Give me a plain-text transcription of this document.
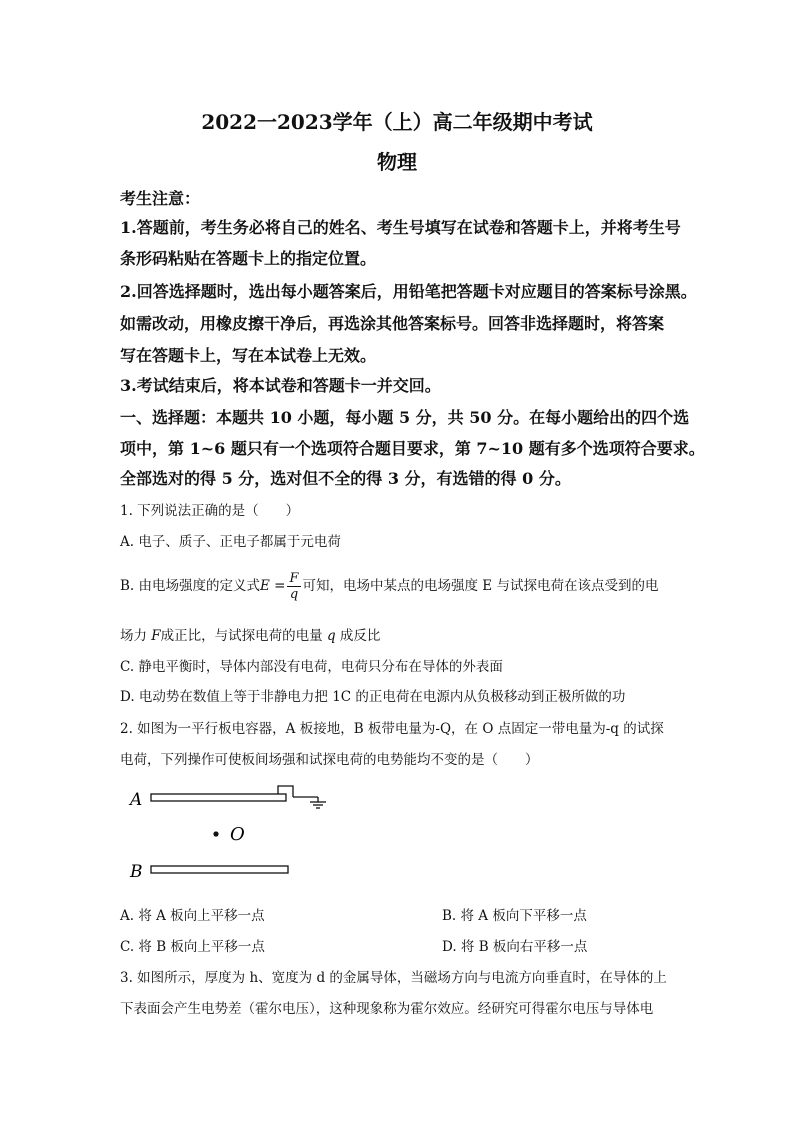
2022一2023学年（上）高二年级期中考试
物理
考生注意：
1.答题前，考生务必将自己的姓名、考生号填写在试卷和答题卡上，并将考生号
条形码粘贴在答题卡上的指定位置。
2.回答选择题时，选出每小题答案后，用铅笔把答题卡对应题目的答案标号涂黑。
如需改动，用橡皮擦干净后，再选涂其他答案标号。回答非选择题时，将答案
写在答题卡上，写在本试卷上无效。
3.考试结束后，将本试卷和答题卡一并交回。
一、选择题：本题共 10 小题，每小题 5 分，共 50 分。在每小题给出的四个选
项中，第 1~6 题只有一个选项符合题目要求，第 7~10 题有多个选项符合要求。
全部选对的得 5 分，选对但不全的得 3 分，有选错的得 0 分。
1. 下列说法正确的是（　　）
A. 电子、质子、正电子都属于元电荷
B. 由电场强度的定义式$E = \frac{F}{q}$ 可知，电场中某点的电场强度 E 与试探电荷在该点受到的电
场力 F成正比，与试探电荷的电量 q 成反比
C. 静电平衡时，导体内部没有电荷，电荷只分布在导体的外表面
D. 电动势在数值上等于非静电力把 1C 的正电荷在电源内从负极移动到正极所做的功
2. 如图为一平行板电容器，A 板接地，B 板带电量为-Q，在 O 点固定一带电量为-q 的试探
电荷，下列操作可使板间场强和试探电荷的电势能均不变的是（　　）
A
O
B
A. 将 A 板向上平移一点	B. 将 A 板向下平移一点
C. 将 B 板向上平移一点	D. 将 B 板向右平移一点
3. 如图所示，厚度为 h、宽度为 d 的金属导体，当磁场方向与电流方向垂直时，在导体的上
下表面会产生电势差（霍尔电压），这种现象称为霍尔效应。经研究可得霍尔电压与导体电
